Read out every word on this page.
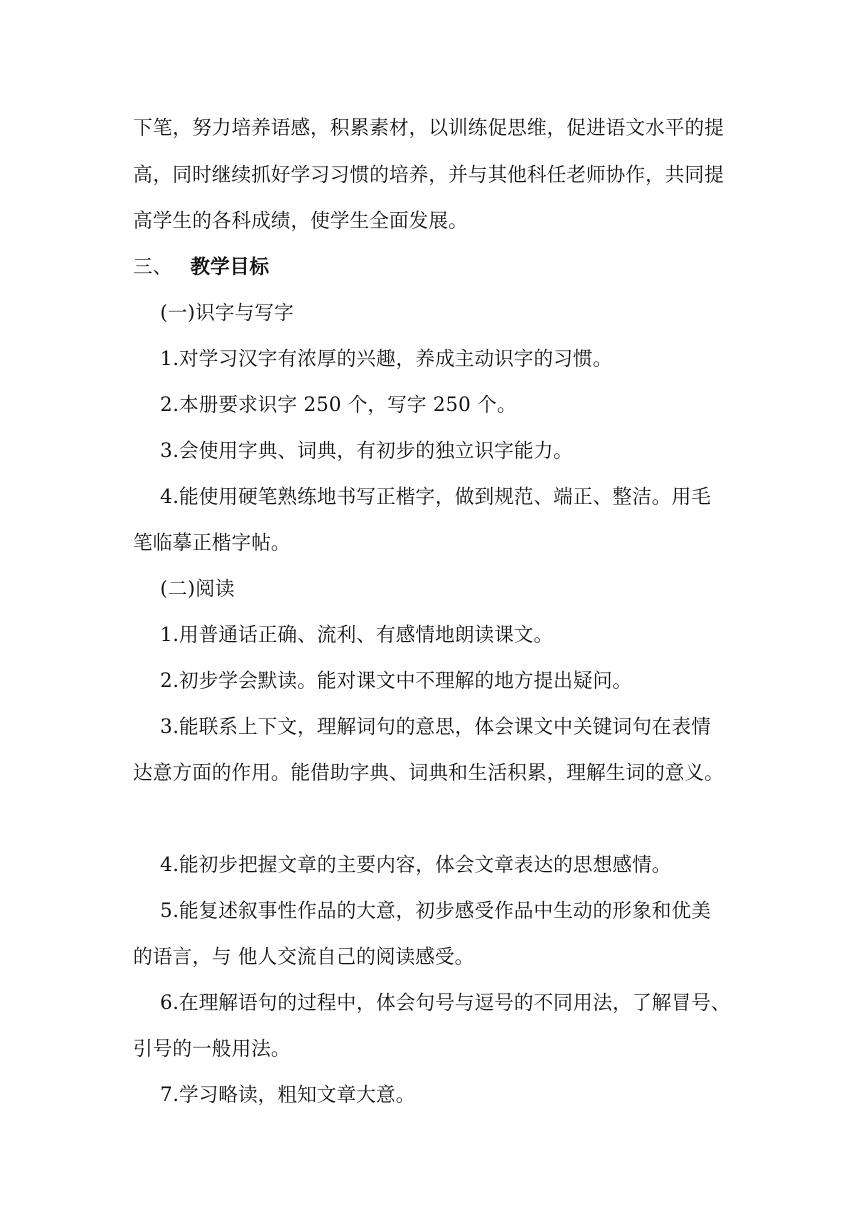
下笔，努力培养语感，积累素材，以训练促思维，促进语文水平的提
高，同时继续抓好学习习惯的培养，并与其他科任老师协作，共同提
高学生的各科成绩，使学生全面发展。
三、 教学目标
(一)识字与写字
1.对学习汉字有浓厚的兴趣，养成主动识字的习惯。
2.本册要求识字 250 个，写字 250 个。
3.会使用字典、词典，有初步的独立识字能力。
4.能使用硬笔熟练地书写正楷字，做到规范、端正、整洁。用毛
笔临摹正楷字帖。
(二)阅读
1.用普通话正确、流利、有感情地朗读课文。
2.初步学会默读。能对课文中不理解的地方提出疑问。
3.能联系上下文，理解词句的意思，体会课文中关键词句在表情
达意方面的作用。能借助字典、词典和生活积累，理解生词的意义。
4.能初步把握文章的主要内容，体会文章表达的思想感情。
5.能复述叙事性作品的大意，初步感受作品中生动的形象和优美
的语言，与 他人交流自己的阅读感受。
6.在理解语句的过程中，体会句号与逗号的不同用法，了解冒号、
引号的一般用法。
7.学习略读，粗知文章大意。
